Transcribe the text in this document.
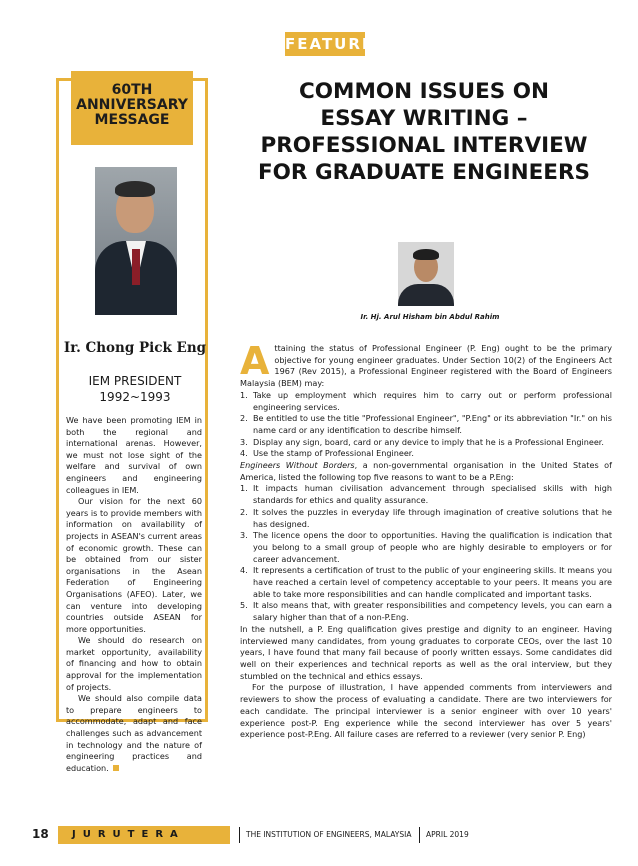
60TH
ANNIVERSARY
MESSAGE
Ir. Chong Pick Eng
IEM PRESIDENT
1992~1993

We have been promoting IEM in both the regional and international arenas. However, we must not lose sight of the welfare and survival of own engineers and engineering colleagues in IEM.

Our vision for the next 60 years is to provide members with information on availability of projects in ASEAN's current areas of economic growth. These can be obtained from our sister organisations in the Asean Federation of Engineering Organisations (AFEO). Later, we can venture into developing countries outside ASEAN for more opportunities.

We should do research on market opportunity, availability of financing and how to obtain approval for the implementation of projects.

We should also compile data to prepare engineers to accommodate, adapt and face challenges such as advancement in technology and the nature of engineering practices and education.

FEATURE
COMMON ISSUES ON
ESSAY WRITING –
PROFESSIONAL INTERVIEW
FOR GRADUATE ENGINEERS
Ir. Hj. Arul Hisham bin Abdul Rahim

Attaining the status of Professional Engineer (P. Eng) ought to be the primary objective for young engineer graduates. Under Section 10(2) of the Engineers Act 1967 (Rev 2015), a Professional Engineer registered with the Board of Engineers Malaysia (BEM) may:

1. Take up employment which requires him to carry out or perform professional engineering services.
2. Be entitled to use the title "Professional Engineer", "P.Eng" or its abbreviation "Ir." on his name card or any identification to describe himself.
3. Display any sign, board, card or any device to imply that he is a Professional Engineer.
4. Use the stamp of Professional Engineer.

Engineers Without Borders, a non-governmental organisation in the United States of America, listed the following top five reasons to want to be a P.Eng:

1. It impacts human civilisation advancement through specialised skills with high standards for ethics and quality assurance.
2. It solves the puzzles in everyday life through imagination of creative solutions that he has designed.
3. The licence opens the door to opportunities. Having the qualification is indication that you belong to a small group of people who are highly desirable to employers or for career advancement.
4. It represents a certification of trust to the public of your engineering skills. It means you have reached a certain level of competency acceptable to your peers. It means you are able to take more responsibilities and can handle complicated and important tasks.
5. It also means that, with greater responsibilities and competency levels, you can earn a salary higher than that of a non-P.Eng.

In the nutshell, a P. Eng qualification gives prestige and dignity to an engineer. Having interviewed many candidates, from young graduates to corporate CEOs, over the last 10 years, I have found that many fail because of poorly written essays. Some candidates did well on their experiences and technical reports as well as the oral interview, but they stumbled on the technical and ethics essays.

For the purpose of illustration, I have appended comments from interviewers and reviewers to show the process of evaluating a candidate. There are two interviewers for each candidate. The principal interviewer is a senior engineer with over 10 years' experience post-P. Eng experience while the second interviewer has over 5 years' experience post-P.Eng. All failure cases are referred to a reviewer (very senior P. Eng)

18	JURUTERA	THE INSTITUTION OF ENGINEERS, MALAYSIA APRIL 2019
